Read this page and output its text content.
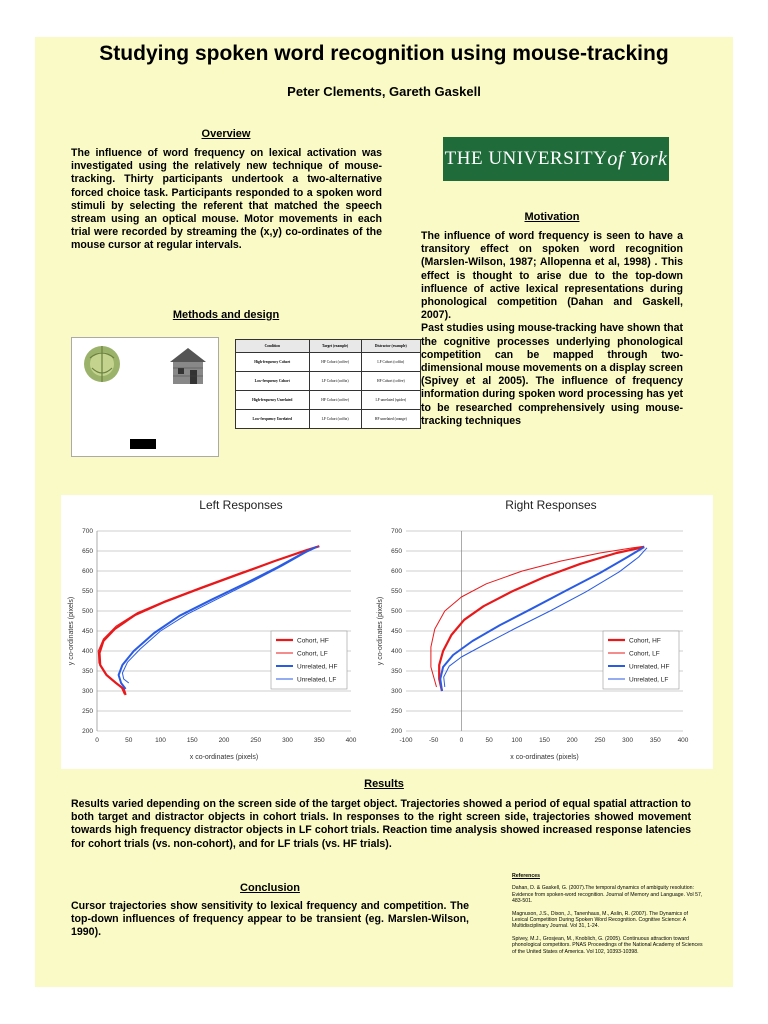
Studying spoken word recognition using mouse-tracking
Peter Clements, Gareth Gaskell
Overview
The influence of word frequency on lexical activation was investigated using the relatively new technique of mouse-tracking. Thirty participants undertook a two-alternative forced choice task. Participants responded to a spoken word stimuli by selecting the referent that matched the speech stream using an optical mouse. Motor movements in each trial were recorded by streaming the (x,y) co-ordinates of the mouse cursor at regular intervals.
THE UNIVERSITY of York
Motivation
The influence of word frequency is seen to have a transitory effect on spoken word recognition (Marslen-Wilson, 1987; Allopenna et al, 1998) . This effect is thought to arise due to the top-down influence of active lexical representations during phonological competition (Dahan and Gaskell, 2007).
Past studies using mouse-tracking have shown that the cognitive processes underlying phonological competition can be mapped through two-dimensional mouse movements on a display screen (Spivey et al 2005). The influence of frequency information during spoken word processing has yet to be researched comprehensively using mouse-tracking techniques
Methods and design
Condition	Target (example)	Distractor (example)
High-frequency Cohort	HF Cohort (coffee)	LF Cohort (coffin)
Low-frequency Cohort	LF Cohort (coffin)	HF Cohort (coffee)
High-frequency Unrelated	HF Cohort (coffee)	LF unrelated (spider)
Low-frequency Unrelated	LF Cohort (coffin)	HF unrelated (orange)
Left Responses
200
250
300
350
400
450
500
550
600
650
700
0	50	100	150	200	250	300	350	400
x co-ordinates (pixels)
y co-ordinates (pixels)	Cohort, HF
Cohort, LF
Unrelated, HF
Unrelated, LF
Right Responses
200
250
300
350
400
450
500
550
600
650
700
-100	-50	0	50	100	150	200	250	300	350	400
x co-ordinates (pixels)
y co-ordinates (pixels)	Cohort, HF
Cohort, LF
Unrelated, HF
Unrelated, LF
Results
Results varied depending on the screen side of the target object. Trajectories showed a period of equal spatial attraction to both target and distractor objects in cohort trials. In responses to the right screen side, trajectories showed movement towards high frequency distractor objects in LF cohort trials. Reaction time analysis showed increased response latencies for cohort trials (vs. non-cohort), and for LF trials (vs. HF trials).
Conclusion
Cursor trajectories show sensitivity to lexical frequency and competition. The top-down influences of frequency appear to be transient (eg. Marslen-Wilson, 1990).

References

Dahan, D. & Gaskell, G. (2007).The temporal dynamics of ambiguity resolution: Evidence from spoken-word recognition. Journal of Memory and Language. Vol 57, 483-501.

Magnuson, J.S., Dixon, J., Tanenhaus, M., Aslin, R. (2007). The Dynamics of Lexical Competition During Spoken Word Recognition. Cognitive Science: A Multidisciplinary Journal. Vol 31, 1-24.

Spivey, M.J., Grosjean, M., Knoblich, G. (2005). Continuous attraction toward phonological competitors. PNAS Proceedings of the National Academy of Sciences of the United States of America. Vol 102, 10393-10398.
